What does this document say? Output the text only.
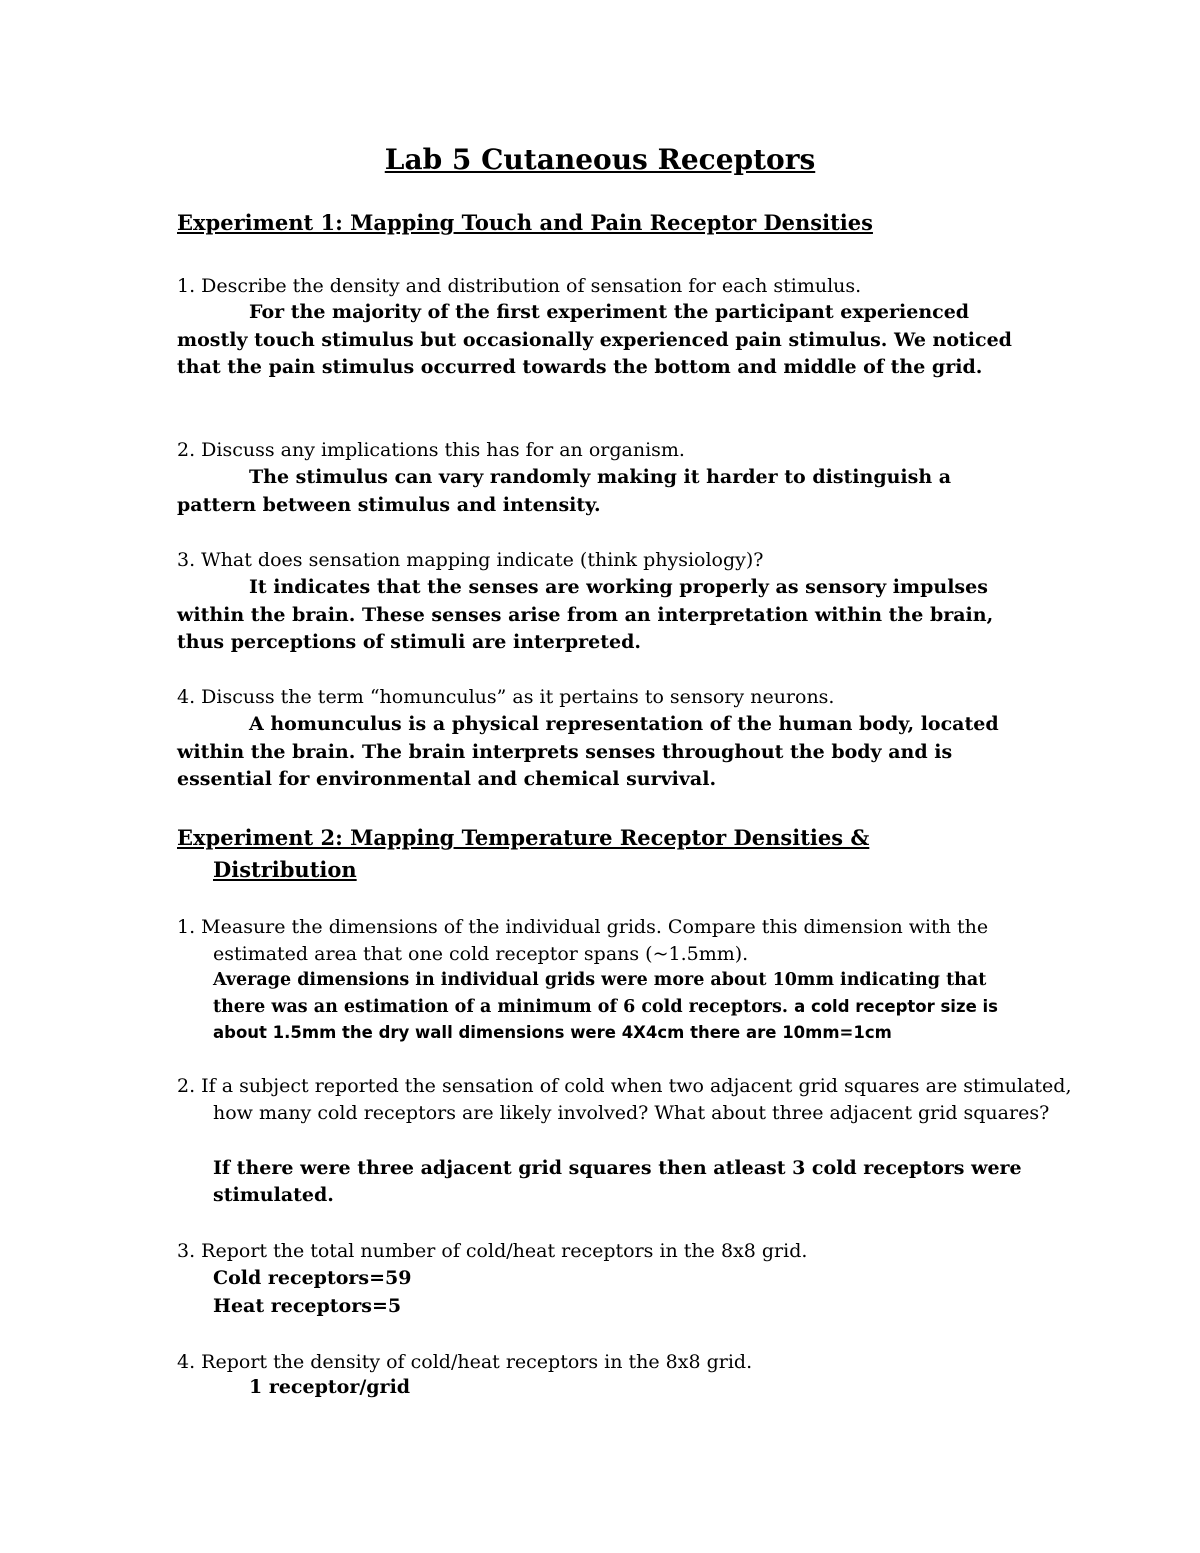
Lab 5 Cutaneous Receptors
Experiment 1: Mapping Touch and Pain Receptor Densities

1. Describe the density and distribution of sensation for each stimulus.

For the majority of the first experiment the participant experienced mostly touch stimulus but occasionally experienced pain stimulus. We noticed that the pain stimulus occurred towards the bottom and middle of the grid.

2. Discuss any implications this has for an organism.

The stimulus can vary randomly making it harder to distinguish a pattern between stimulus and intensity.

3. What does sensation mapping indicate (think physiology)?

It indicates that the senses are working properly as sensory impulses within the brain. These senses arise from an interpretation within the brain, thus perceptions of stimuli are interpreted.

4. Discuss the term “homunculus” as it pertains to sensory neurons.

A homunculus is a physical representation of the human body, located within the brain. The brain interprets senses throughout the body and is essential for environmental and chemical survival.

Experiment 2: Mapping Temperature Receptor Densities &
Distribution

1. Measure the dimensions of the individual grids. Compare this dimension with the estimated area that one cold receptor spans (~1.5mm).

Average dimensions in individual grids were more about 10mm indicating that there was an estimation of a minimum of 6 cold receptors. a cold receptor size is about 1.5mm the dry wall dimensions were 4X4cm there are 10mm=1cm

2. If a subject reported the sensation of cold when two adjacent grid squares are stimulated, how many cold receptors are likely involved? What about three adjacent grid squares?

If there were three adjacent grid squares then atleast 3 cold receptors were stimulated.

3. Report the total number of cold/heat receptors in the 8x8 grid.

Cold receptors=59

Heat receptors=5

4. Report the density of cold/heat receptors in the 8x8 grid.

1 receptor/grid
